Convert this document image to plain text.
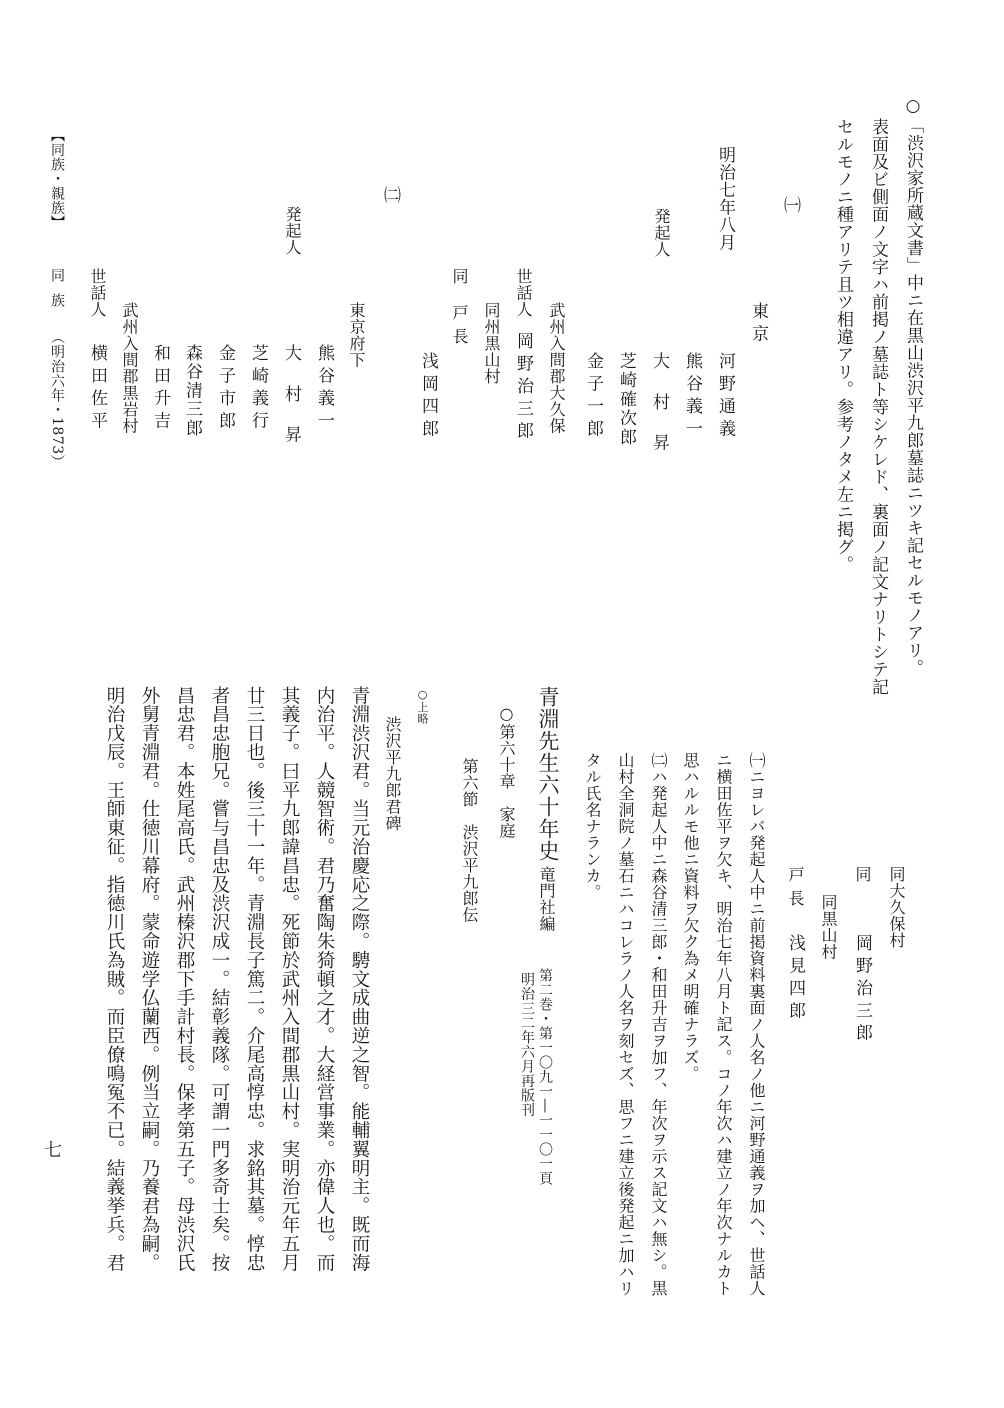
○「渋沢家所蔵文書」中ニ在黒山渋沢平九郎墓誌ニツキ記セルモノアリ。
表面及ビ側面ノ文字ハ前掲ノ墓誌ト等シケレド、裏面ノ記文ナリトシテ記
セルモノニ種アリテ且ツ相違アリ。参考ノタメ左ニ掲グ。
㈠
東京
河野通義
明治七年八月
熊谷義一
発起人
大村昇
芝崎確次郎
金子一郎
武州入間郡大久保
世話人
岡野治三郎
同州黒山村
同
戸長
浅岡四郎
㈡
東京府下
熊谷義一
発起人
大村昇
芝崎義行
金子市郎
森谷清三郎
和田升吉
武州入間郡黒岩村
世話人
横田佐平
【同族・親族】
同族
（明治六年・1873）
同大久保村
同
岡野治三郎
同黒山村
戸長
浅見四郎
㈠ニヨレバ発起人中ニ前掲資料裏面ノ人名ノ他ニ河野通義ヲ加ヘ、世話人
ニ横田佐平ヲ欠キ、明治七年八月ト記ス。コノ年次ハ建立ノ年次ナルカト
思ハルルモ他ニ資料ヲ欠ク為メ明確ナラズ。
㈡ハ発起人中ニ森谷清三郎・和田升吉ヲ加フ、年次ヲ示ス記文ハ無シ。黒
山村全洞院ノ墓石ニハコレラノ人名ヲ刻セズ、思フニ建立後発起ニ加ハリ
タル氏名ナランカ。
青淵先生六十年史
竜門社編
第二巻・第一〇九一―一一〇一頁
明治三二年六月再版刊
○第六十章　家庭
第六節　渋沢平九郎伝
○上略
渋沢平九郎君碑
青淵渋沢君。当元治慶応之際。騁文成曲逆之智。能輔翼明主。既而海
内治平。人競智術。君乃奮陶朱猗頓之才。大経営事業。亦偉人也。而
其義子。曰平九郎諱昌忠。死節於武州入間郡黒山村。実明治元年五月
廿三日也。後三十一年。青淵長子篤二。介尾高惇忠。求銘其墓。惇忠
者昌忠胞兄。嘗与昌忠及渋沢成一。結彰義隊。可謂一門多奇士矣。按
昌忠君。本姓尾高氏。武州榛沢郡下手計村長。保孝第五子。母渋沢氏
外舅青淵君。仕徳川幕府。蒙命遊学仏蘭西。例当立嗣。乃養君為嗣。
明治戊辰。王師東征。指徳川氏為賊。而臣僚鳴冤不已。結義挙兵。君
七
